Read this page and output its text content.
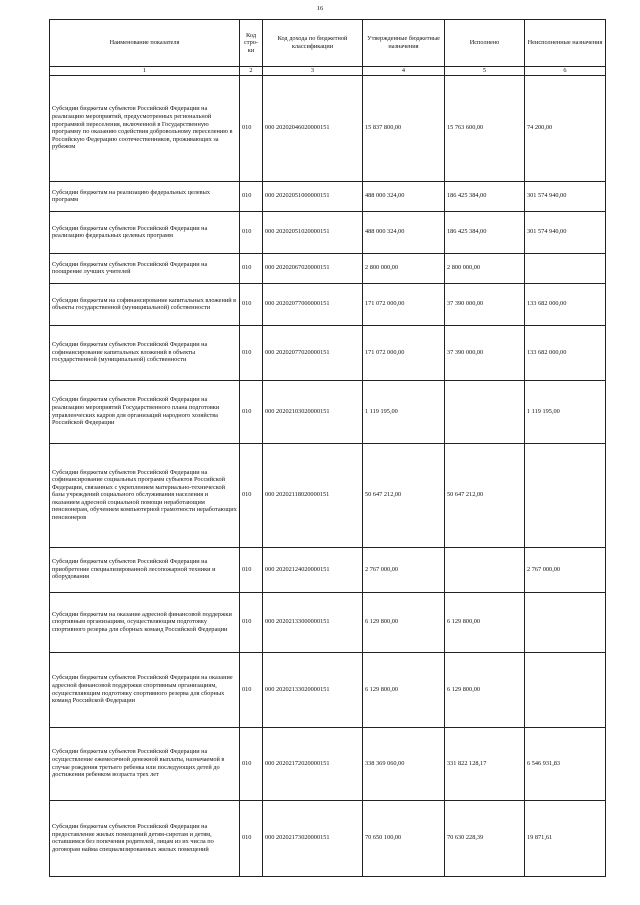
16
Наименование показателя	Код стро-ки	Код дохода по бюджетной классификации	Утвержденные бюджетные назначения	Исполнено	Неисполненные назначения
1	2	3	4	5	6
Субсидии бюджетам субъектов Российской Федерации на реализацию мероприятий, предусмотренных региональной программой переселения, включенной в Государственную программу по оказанию содействия добровольному переселению в Российскую Федерацию соотечественников, проживающих за рубежом	010	000 20202046020000151	15 837 800,00	15 763 600,00	74 200,00
Субсидии бюджетам на реализацию федеральных целевых программ	010	000 20202051000000151	488 000 324,00	186 425 384,00	301 574 940,00
Субсидии бюджетам субъектов Российской Федерации на реализацию федеральных целевых программ	010	000 20202051020000151	488 000 324,00	186 425 384,00	301 574 940,00
Субсидии бюджетам субъектов Российской Федерации на поощрение лучших учителей	010	000 20202067020000151	2 800 000,00	2 800 000,00	
Субсидии бюджетам на софинансирование капитальных вложений в объекты государственной (муниципальной) собственности	010	000 20202077000000151	171 072 000,00	37 390 000,00	133 682 000,00
Субсидии бюджетам субъектов Российской Федерации на софинансирование капитальных вложений в объекты государственной (муниципальной) собственности	010	000 20202077020000151	171 072 000,00	37 390 000,00	133 682 000,00
Субсидии бюджетам субъектов Российской Федерации на реализацию мероприятий Государственного плана подготовки управленческих кадров для организаций народного хозяйства Российской Федерации	010	000 20202103020000151	1 119 195,00		1 119 195,00
Субсидии бюджетам субъектов Российской Федерации на софинансирование социальных программ субъектов Российской Федерации, связанных с укреплением материально-технической базы учреждений социального обслуживания населения и оказанием адресной социальной помощи неработающим пенсионерам, обучением компьютерной грамотности неработающих пенсионеров	010	000 20202118020000151	50 647 212,00	50 647 212,00	
Субсидии бюджетам субъектов Российской Федерации на приобретение специализированной лесопожарной техники и оборудования	010	000 20202124020000151	2 767 000,00		2 767 000,00
Субсидии бюджетам на оказание адресной финансовой поддержки спортивным организациям, осуществляющим подготовку спортивного резерва для сборных команд Российской Федерации	010	000 20202133000000151	6 129 800,00	6 129 800,00	
Субсидии бюджетам субъектов Российской Федерации на оказание адресной финансовой поддержки спортивным организациям, осуществляющим подготовку спортивного резерва для сборных команд Российской Федерации	010	000 20202133020000151	6 129 800,00	6 129 800,00	
Субсидии бюджетам субъектов Российской Федерации на осуществление ежемесячной денежной выплаты, назначаемой в случае рождения третьего ребенка или последующих детей до достижения ребенком возраста трех лет	010	000 20202172020000151	338 369 060,00	331 822 128,17	6 546 931,83
Субсидии бюджетам субъектов Российской Федерации на предоставление жилых помещений детям-сиротам и детям, оставшимся без попечения родителей, лицам из их числа по договорам найма специализированных жилых помещений	010	000 20202173020000151	70 650 100,00	70 630 228,39	19 871,61
